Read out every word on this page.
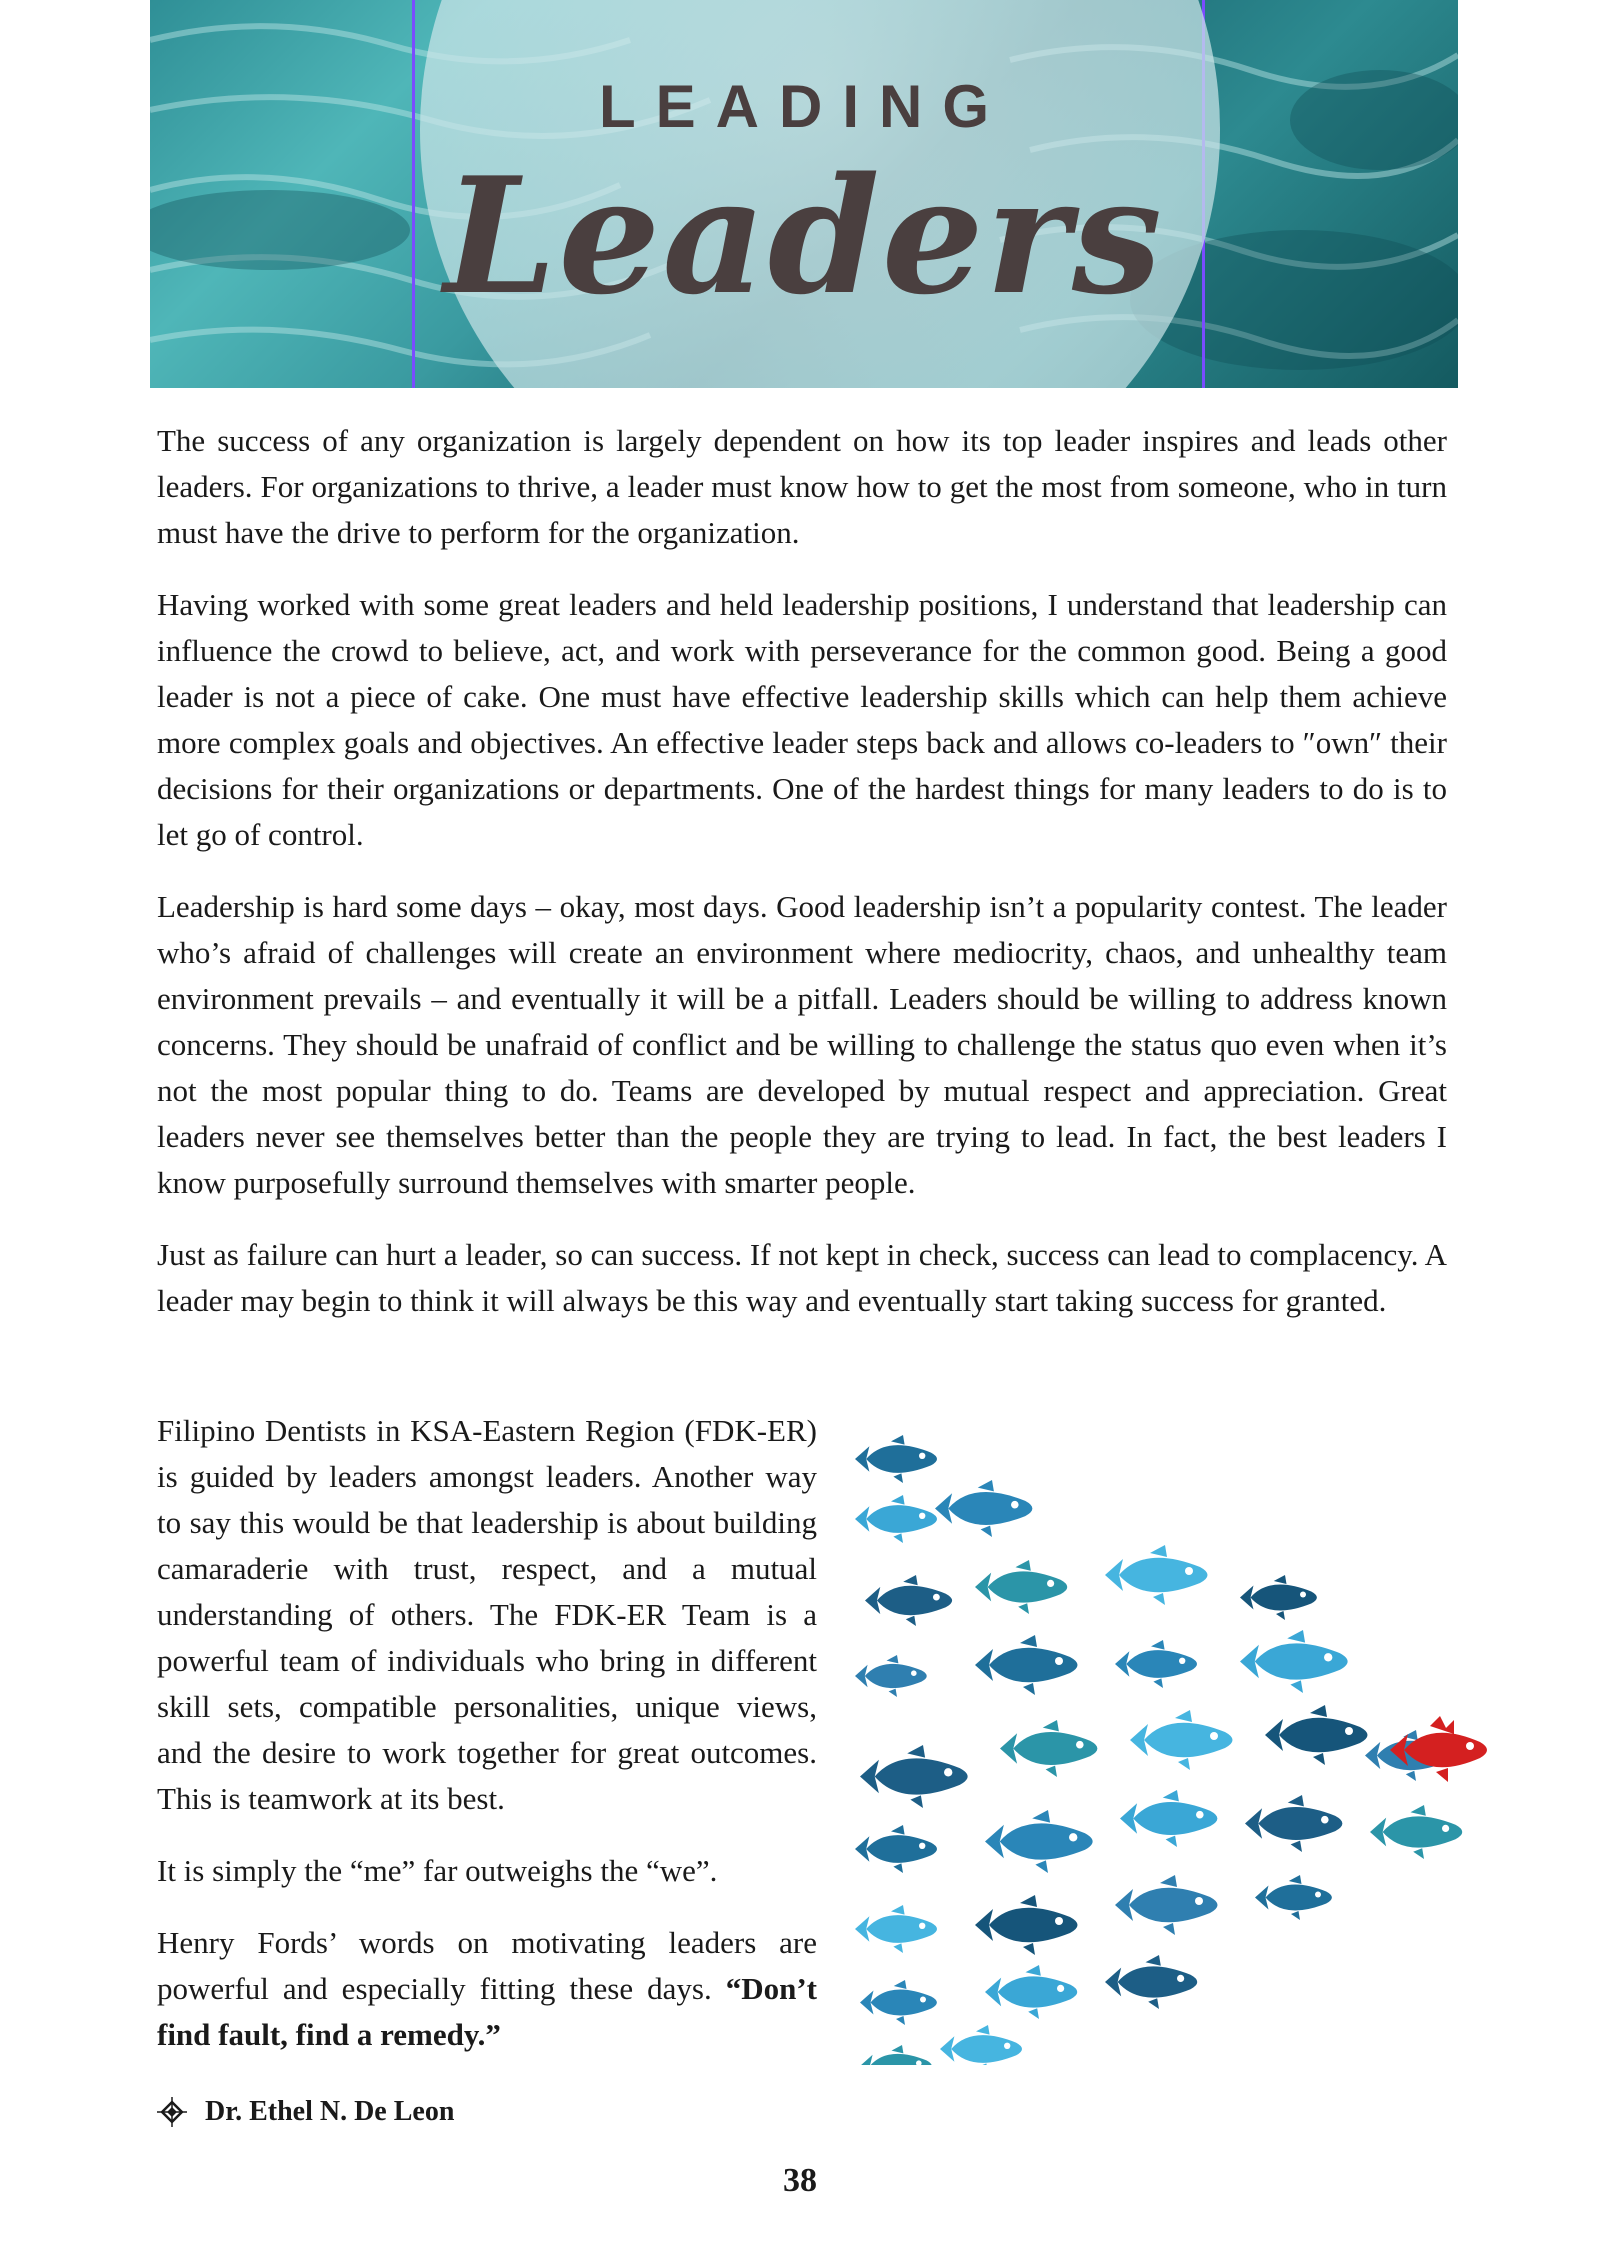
LEADING
Leaders

The success of any organization is largely dependent on how its top leader inspires and leads other leaders. For organizations to thrive, a leader must know how to get the most from someone, who in turn must have the drive to perform for the organization.

Having worked with some great leaders and held leadership positions, I understand that leadership can influence the crowd to believe, act, and work with perseverance for the common good. Being a good leader is not a piece of cake. One must have effective leadership skills which can help them achieve more complex goals and objectives. An effective leader steps back and allows co-leaders to ″own″ their decisions for their organizations or departments. One of the hardest things for many leaders to do is to let go of control.

Leadership is hard some days – okay, most days. Good leadership isn’t a popularity contest. The leader who’s afraid of challenges will create an environment where mediocrity, chaos, and unhealthy team environment prevails – and eventually it will be a pitfall. Leaders should be willing to address known concerns. They should be unafraid of conflict and be willing to challenge the status quo even when it’s not the most popular thing to do. Teams are developed by mutual respect and appreciation. Great leaders never see themselves better than the people they are trying to lead. In fact, the best leaders I know purposefully surround themselves with smarter people.

Just as failure can hurt a leader, so can success. If not kept in check, success can lead to complacency. A leader may begin to think it will always be this way and eventually start taking success for granted.

Filipino Dentists in KSA-Eastern Region (FDK-ER) is guided by leaders amongst leaders. Another way to say this would be that leadership is about building camaraderie with trust, respect, and a mutual understanding of others. The FDK-ER Team is a powerful team of individuals who bring in different skill sets, compatible personalities, unique views, and the desire to work together for great outcomes. This is teamwork at its best.

It is simply the “me” far outweighs the “we”.

Henry Fords’ words on motivating leaders are powerful and especially fitting these days. “Don’t find fault, find a remedy.”

Dr. Ethel N. De Leon
38
